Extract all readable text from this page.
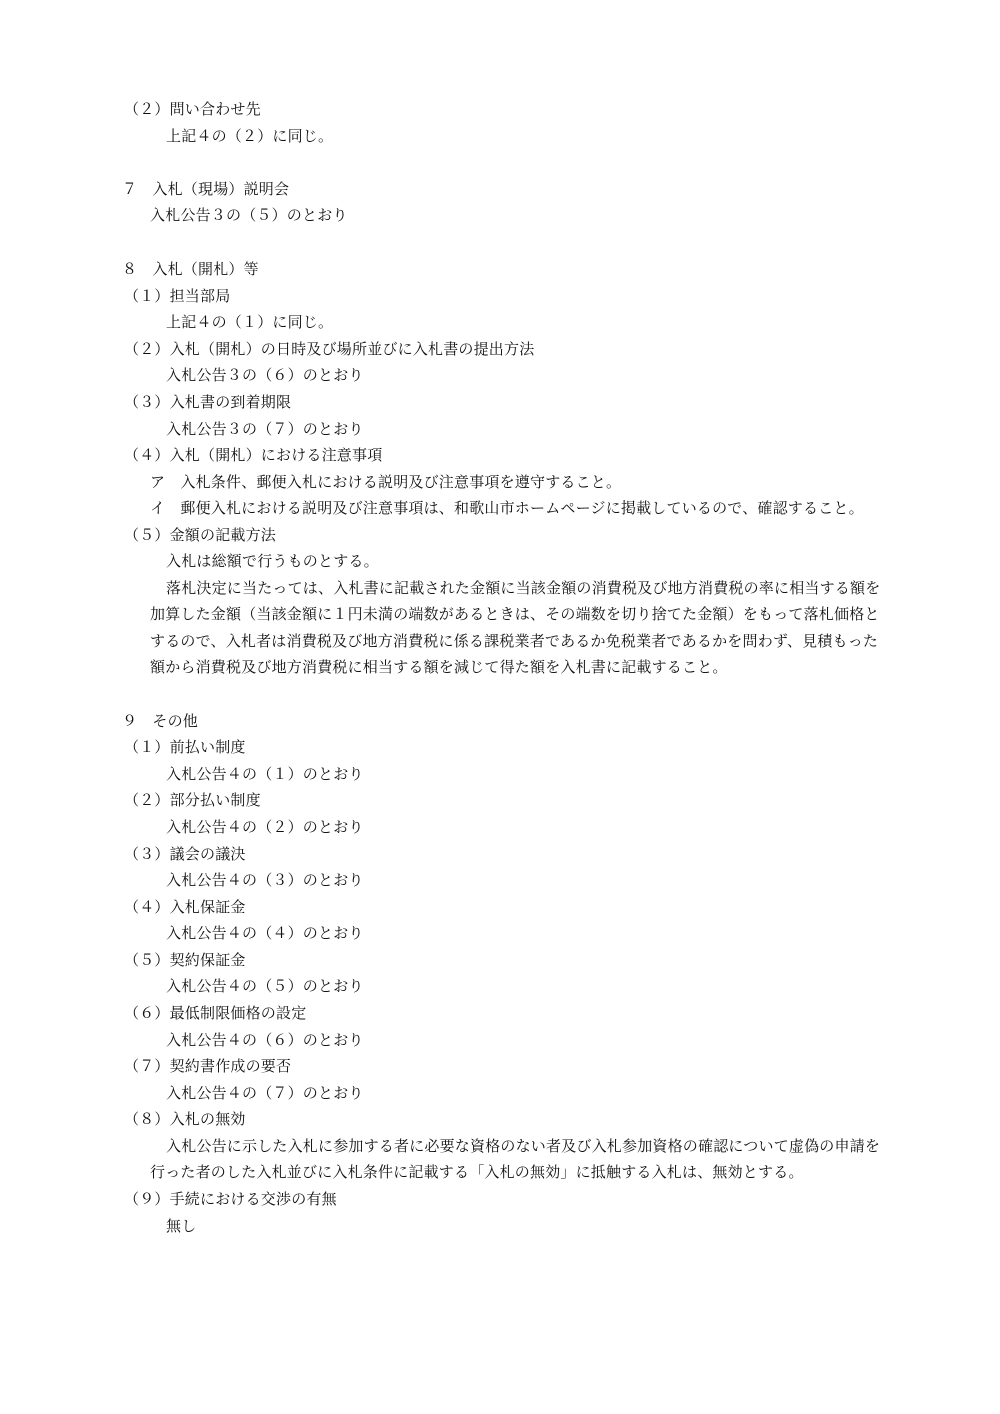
（２）問い合わせ先
上記４の（２）に同じ。
７　入札（現場）説明会
入札公告３の（５）のとおり
８　入札（開札）等
（１）担当部局
上記４の（１）に同じ。
（２）入札（開札）の日時及び場所並びに入札書の提出方法
入札公告３の（６）のとおり
（３）入札書の到着期限
入札公告３の（７）のとおり
（４）入札（開札）における注意事項
ア　入札条件、郵便入札における説明及び注意事項を遵守すること。
イ　郵便入札における説明及び注意事項は、和歌山市ホームページに掲載しているので、確認すること。
（５）金額の記載方法
入札は総額で行うものとする。
落札決定に当たっては、入札書に記載された金額に当該金額の消費税及び地方消費税の率に相当する額を
加算した金額（当該金額に１円未満の端数があるときは、その端数を切り捨てた金額）をもって落札価格と
するので、入札者は消費税及び地方消費税に係る課税業者であるか免税業者であるかを問わず、見積もった
額から消費税及び地方消費税に相当する額を減じて得た額を入札書に記載すること。
９　その他
（１）前払い制度
入札公告４の（１）のとおり
（２）部分払い制度
入札公告４の（２）のとおり
（３）議会の議決
入札公告４の（３）のとおり
（４）入札保証金
入札公告４の（４）のとおり
（５）契約保証金
入札公告４の（５）のとおり
（６）最低制限価格の設定
入札公告４の（６）のとおり
（７）契約書作成の要否
入札公告４の（７）のとおり
（８）入札の無効
入札公告に示した入札に参加する者に必要な資格のない者及び入札参加資格の確認について虚偽の申請を
行った者のした入札並びに入札条件に記載する「入札の無効」に抵触する入札は、無効とする。
（９）手続における交渉の有無
無し
